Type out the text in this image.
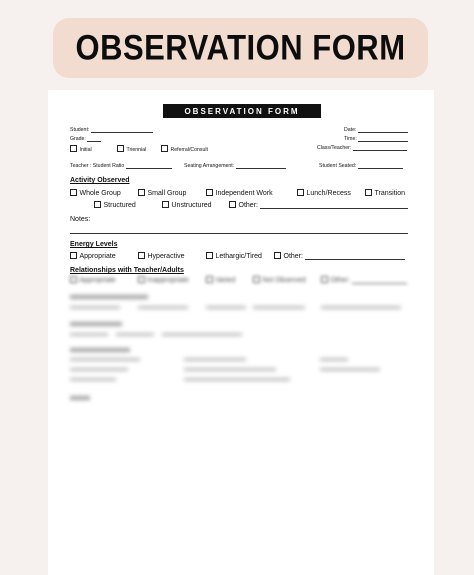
OBSERVATION FORM
OBSERVATION FORM
Student:	Date:
Grade:	Time:
Initial	Triennial	Referral/Consult	Class/Teacher:
Teacher : Student Ratio	Seating Arrangement:	Student Seated:
Activity Observed
Whole Group	Small Group	Independent Work	Lunch/Recess	Transition
Structured	Unstructured	Other:
Notes:
Energy Levels
Appropriate	Hyperactive	Lethargic/Tired	Other:
Relationships with Teacher/Adults
Appropriate	Inappropriate	Varied	Not Observed	Other:
